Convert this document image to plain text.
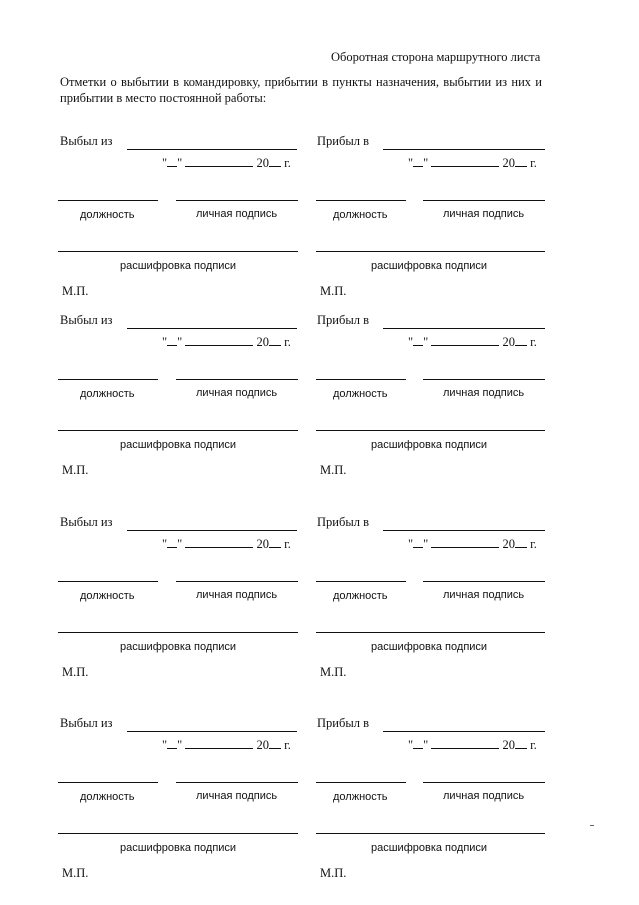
Оборотная сторона маршрутного листа
Отметки о выбытии в командировку, прибытии в пункты назначения, выбытии из них и прибытии в место постоянной работы:
Выбыл из
" "	20 г.
должность	личная подпись
расшифровка подписи
М.П.
Прибыл в
" "	20 г.
должность	личная подпись
расшифровка подписи
М.П.
Выбыл из
" "	20 г.
должность	личная подпись
расшифровка подписи
М.П.
Прибыл в
" "	20 г.
должность	личная подпись
расшифровка подписи
М.П.
Выбыл из
" "	20 г.
должность	личная подпись
расшифровка подписи
М.П.
Прибыл в
" "	20 г.
должность	личная подпись
расшифровка подписи
М.П.
Выбыл из
" "	20 г.
должность	личная подпись
расшифровка подписи
М.П.
Прибыл в
" "	20 г.
должность	личная подпись
расшифровка подписи
М.П.
